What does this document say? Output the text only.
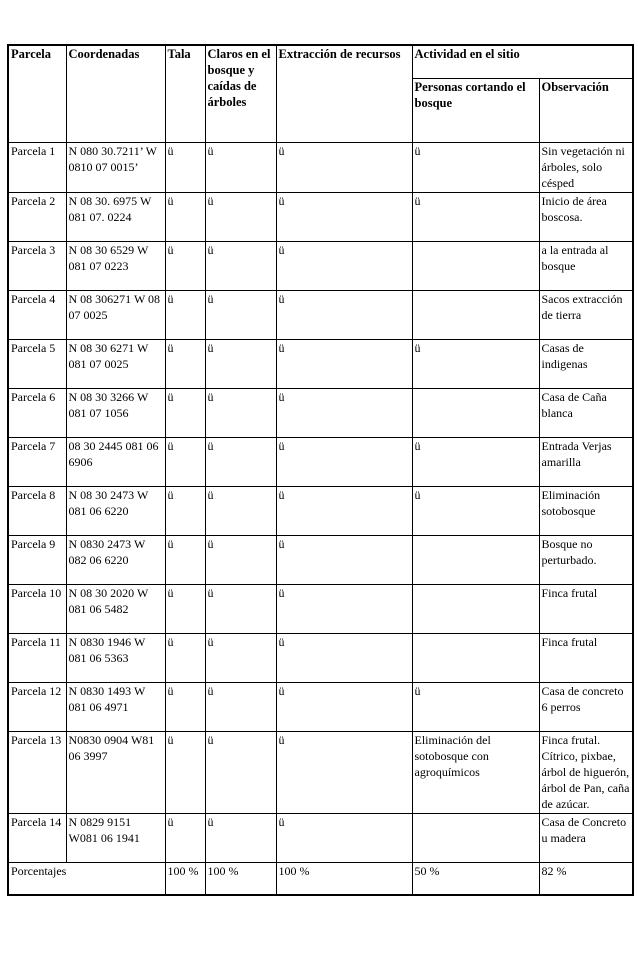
Parcela	Coordenadas	Tala	Claros en el bosque y caídas de árboles	Extracción de recursos	Actividad en el sitio	
					Personas cortando el bosque	Observación
Parcela 1	N 080 30.7211’ W 0810 07 0015’	ü	ü	ü	ü	Sin vegetación ni árboles, solo césped
Parcela 2	N 08 30. 6975 W 081 07. 0224	ü	ü	ü	ü	Inicio de área boscosa.
Parcela 3	N 08 30 6529 W 081 07 0223	ü	ü	ü		a la entrada al bosque
Parcela 4	N 08 306271 W 08 07 0025	ü	ü	ü		Sacos extracción de tierra
Parcela 5	N 08 30 6271 W 081 07 0025	ü	ü	ü	ü	Casas de indigenas
Parcela 6	N 08 30 3266 W 081 07 1056	ü	ü	ü		Casa de Caña blanca
Parcela 7	08 30 2445 081 06 6906	ü	ü	ü	ü	Entrada Verjas amarilla
Parcela 8	N 08 30 2473 W 081 06 6220	ü	ü	ü	ü	Eliminación sotobosque
Parcela 9	N 0830 2473 W 082 06 6220	ü	ü	ü		Bosque no perturbado.
Parcela 10	N 08 30 2020 W 081 06 5482	ü	ü	ü		Finca frutal
Parcela 11	N 0830 1946 W 081 06 5363	ü	ü	ü		Finca frutal
Parcela 12	N 0830 1493 W 081 06 4971	ü	ü	ü	ü	Casa de concreto 6 perros
Parcela 13	N0830 0904 W81 06 3997	ü	ü	ü	Eliminación del sotobosque con agroquímicos	Finca frutal. Cítrico, pixbae, árbol de higuerón, árbol de Pan, caña de azúcar.
Parcela 14	N 0829 9151 W081 06 1941	ü	ü	ü		Casa de Concreto u madera
Porcentajes		100 %	100 %	100 %	50 %	82 %
